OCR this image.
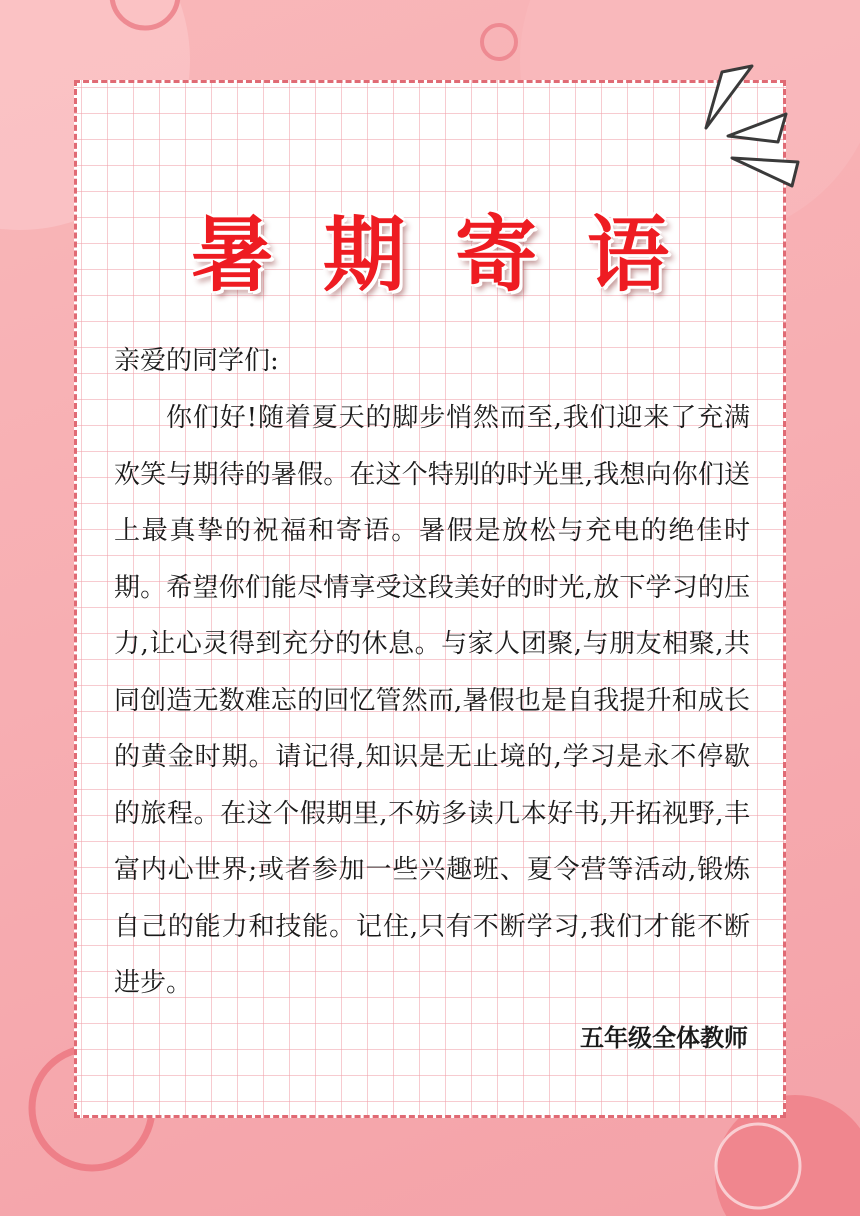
暑期寄语
亲爱的同学们:

你们好!随着夏天的脚步悄然而至,我们迎来了充满欢笑与期待的暑假。在这个特别的时光里,我想向你们送上最真挚的祝福和寄语。暑假是放松与充电的绝佳时期。希望你们能尽情享受这段美好的时光,放下学习的压力,让心灵得到充分的休息。与家人团聚,与朋友相聚,共同创造无数难忘的回忆管然而,暑假也是自我提升和成长的黄金时期。请记得,知识是无止境的,学习是永不停歇的旅程。在这个假期里,不妨多读几本好书,开拓视野,丰富内心世界;或者参加一些兴趣班、夏令营等活动,锻炼自己的能力和技能。记住,只有不断学习,我们才能不断进步。

五年级全体教师
